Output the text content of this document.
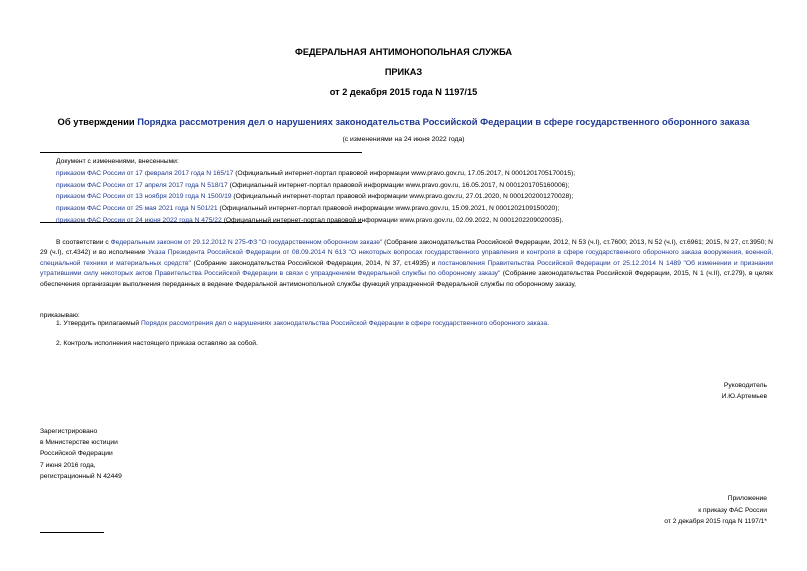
ФЕДЕРАЛЬНАЯ АНТИМОНОПОЛЬНАЯ СЛУЖБА
ПРИКАЗ
от 2 декабря 2015 года N 1197/15
Об утверждении Порядка рассмотрения дел о нарушениях законодательства Российской Федерации в сфере государственного оборонного заказа
(с изменениями на 24 июня 2022 года)
Документ с изменениями, внесенными:
приказом ФАС России от 17 февраля 2017 года N 165/17 (Официальный интернет-портал правовой информации www.pravo.gov.ru, 17.05.2017, N 0001201705170015);
приказом ФАС России от 17 апреля 2017 года N 518/17 (Официальный интернет-портал правовой информации www.pravo.gov.ru, 16.05.2017, N 0001201705160006);
приказом ФАС России от 13 ноября 2019 года N 1500/19 (Официальный интернет-портал правовой информации www.pravo.gov.ru, 27.01.2020, N 0001202001270028);
приказом ФАС России от 25 мая 2021 года N 501/21 (Официальный интернет-портал правовой информации www.pravo.gov.ru, 15.09.2021, N 0001202109150020);
приказом ФАС России от 24 июня 2022 года N 475/22 (Официальный интернет-портал правовой информации www.pravo.gov.ru, 02.09.2022, N 0001202209020035).
В соответствии с Федеральным законом от 29.12.2012 N 275-ФЗ "О государственном оборонном заказе" (Собрание законодательства Российской Федерации, 2012, N 53 (ч.I), ст.7600; 2013, N 52 (ч.I), ст.6961; 2015, N 27, ст.3950; N 29 (ч.I), ст.4342) и во исполнение Указа Президента Российской Федерации от 08.09.2014 N 613 "О некоторых вопросах государственного управления и контроля в сфере государственного оборонного заказа вооружения, военной, специальной техники и материальных средств" (Собрание законодательства Российской Федерации, 2014, N 37, ст.4935) и постановления Правительства Российской Федерации от 25.12.2014 N 1489 "Об изменении и признании утратившими силу некоторых актов Правительства Российской Федерации в связи с упразднением Федеральной службы по оборонному заказу" (Собрание законодательства Российской Федерации, 2015, N 1 (ч.II), ст.279), в целях обеспечения организации выполнения переданных в ведение Федеральной антимонопольной службы функций упраздненной Федеральной службы по оборонному заказу,
приказываю:
1. Утвердить прилагаемый Порядок рассмотрения дел о нарушениях законодательства Российской Федерации в сфере государственного оборонного заказа.
2. Контроль исполнения настоящего приказа оставляю за собой.
Руководитель
И.Ю.Артемьев
Зарегистрировано
в Министерстве юстиции
Российской Федерации
7 июня 2016 года,
регистрационный N 42449
Приложение
к приказу ФАС России
от 2 декабря 2015 года N 1197/1*
